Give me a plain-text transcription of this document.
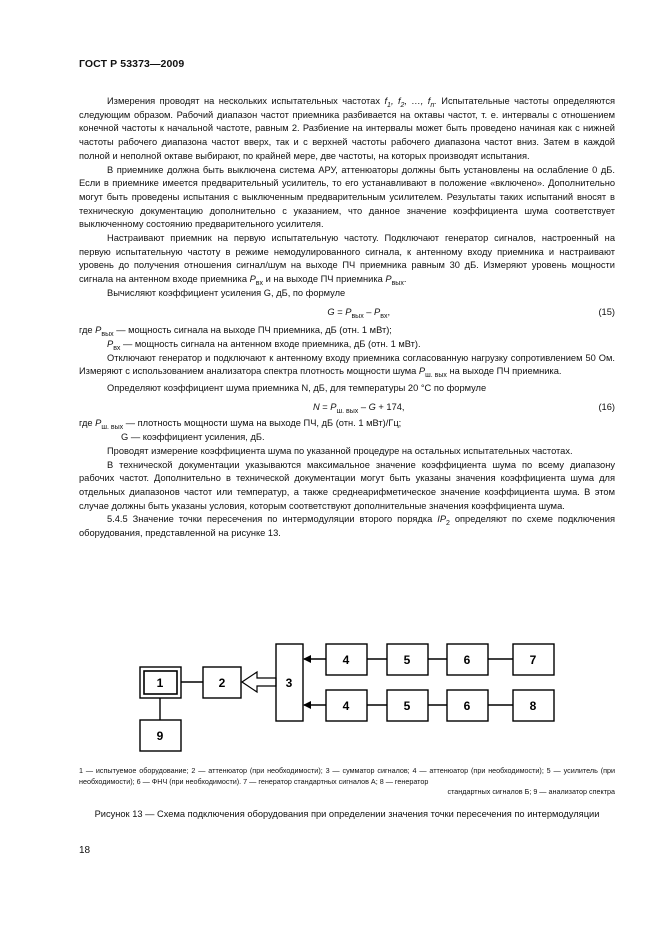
ГОСТ Р 53373—2009

Измерения проводят на нескольких испытательных частотах $f_1$, $f_2$, …, $f_n$. Испытательные частоты определяются следующим образом. Рабочий диапазон частот приемника разбивается на октавы частот, т. е. интервалы с отношением конечной частоты к начальной частоте, равным 2. Разбиение на интервалы может быть проведено начиная как с нижней частоты рабочего диапазона частот вверх, так и с верхней частоты рабочего диапазона частот вниз. Затем в каждой полной и неполной октаве выбирают, по крайней мере, две частоты, на которых производят испытания.

В приемнике должна быть выключена система АРУ, аттенюаторы должны быть установлены на ослабление 0 дБ. Если в приемнике имеется предварительный усилитель, то его устанавливают в положение «включено». Дополнительно могут быть проведены испытания с выключенным предварительным усилителем. Результаты таких испытаний вносят в техническую документацию дополнительно с указанием, что данное значение коэффициента шума соответствует выключенному состоянию предварительного усилителя.

Настраивают приемник на первую испытательную частоту. Подключают генератор сигналов, настроенный на первую испытательную частоту в режиме немодулированного сигнала, к антенному входу приемника и настраивают уровень до получения отношения сигнал/шум на выходе ПЧ приемника равным 30 дБ. Измеряют уровень мощности сигнала на антенном входе приемника $P_{вх}$ и на выходе ПЧ приемника $P_{вых}$.

Вычисляют коэффициент усиления G, дБ, по формуле

$G = P_{вых} - P_{вх}$,	(15)

где $P_{вых}$ — мощность сигнала на выходе ПЧ приемника, дБ (отн. 1 мВт);

$P_{вх}$ — мощность сигнала на антенном входе приемника, дБ (отн. 1 мВт).

Отключают генератор и подключают к антенному входу приемника согласованную нагрузку сопротивлением 50 Ом. Измеряют с использованием анализатора спектра плотность мощности шума $P_{ш. вых}$ на выходе ПЧ приемника.

Определяют коэффициент шума приемника N, дБ, для температуры 20 °С по формуле

$N = P_{ш. вых} - G + 174$,	(16)

где $P_{ш. вых}$ — плотность мощности шума на выходе ПЧ, дБ (отн. 1 мВт)/Гц;

G — коэффициент усиления, дБ.

Проводят измерение коэффициента шума по указанной процедуре на остальных испытательных частотах.

В технической документации указываются максимальное значение коэффициента шума по всему диапазону рабочих частот. Дополнительно в технической документации могут быть указаны значения коэффициента шума для отдельных диапазонов частот или температур, а также среднеарифметическое значение коэффициента шума. В этом случае должны быть указаны условия, которым соответствуют дополнительные значения коэффициента шума.

5.4.5 Значение точки пересечения по интермодуляции второго порядка $IP_2$ определяют по схеме подключения оборудования, представленной на рисунке 13.

1	2	3
4	5	6	7
4	5	6	8
9
1 — испытуемое оборудование; 2 — аттенюатор (при необходимости); 3 — сумматор сигналов; 4 — аттенюатор (при необходимости); 5 — усилитель (при необходимости); 6 — ФНЧ (при необходимости). 7 — генератор стандартных сигналов А; 8 — генератор
стандартных сигналов Б; 9 — анализатор спектра
Рисунок 13 — Схема подключения оборудования при определении значения точки пересечения по интермодуляции
18
